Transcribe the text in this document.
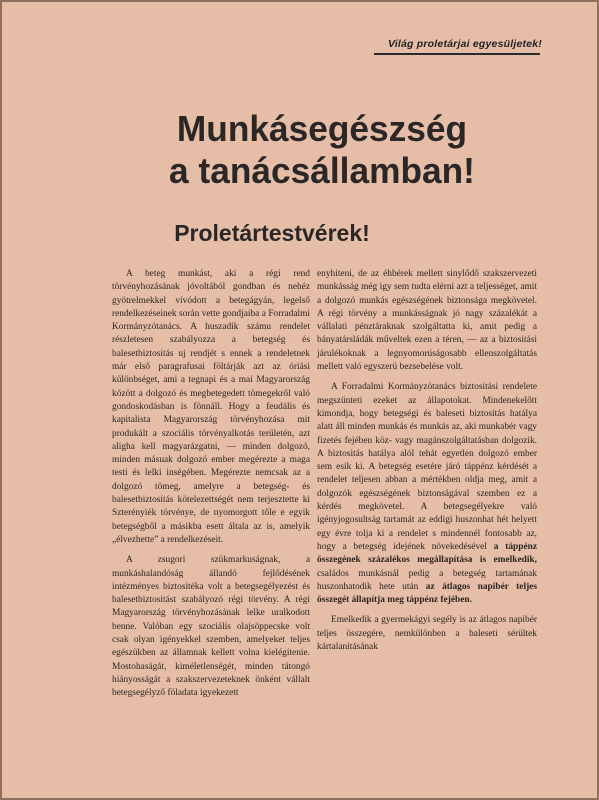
Világ proletárjai egyesüljetek!
Munkásegészség
a tanácsállamban!
Proletártestvérek!

A beteg munkást, aki a régi rend törvényhozásának jóvoltából gondban és nehéz gyötrelmekkel vívódott a betegágyán, legelső rendelkezéseinek során vette gondjaiba a Forradalmi Kormányzótanács. A huszadik számu rendelet részletesen szabályozza a betegség és balesetbiztosítás uj rendjét s ennek a rendeletnek már első paragrafusai föltárják azt az óriási különbséget, ami a tegnapi és a mai Magyarország között a dolgozó és megbetegedett tömegekről való gondoskodásban is fönnáll. Hogy a feudális és kapitalista Magyarország törvényhozása mit produkált a szociális törvényalkotás területén, azt aligha kell magyarázgatni, — minden dolgozó, minden másuak dolgozó ember megérezte a maga testi és lelki inségében. Megérezte nemcsak az a dolgozó tömeg, amelyre a betegség- és balesetbiztosítás kötelezettségét nem terjesztette ki Szterényiék törvénye, de nyomorgott tőle e egyik betegségből a másikba esett általa az is, amelyik „élvezhette” a rendelkezéseit.

A zsugori szükmarkuságnak, a munkáshalandóság állandó fejlődésének intézményes biztositéka volt a betegsegélyezést és balesetbiztositást szabályozó régi törvény. A régi Magyarország törvényhozásának lelke uralkodott benne. Valóban egy szociális olajsöppecske volt csak olyan igényekkel szemben, amelyeket teljes egészükben az államnak kellett volna kielégítenie. Mostohaságát, kiméletlenségét, minden tátongó hiányosságát a szakszervezeteknek önként vállalt betegsegélyző föladata igyekezett

enyhiteni, de az éhbérek mellett sinylődő szakszervezeti munkásság még igy sem tudta elérni azt a teljességet, amit a dolgozó munkás egészségének biztonsága megkövetel. A régi törvény a munkásságnak jó nagy százalékát a vállalati pénztáraknak szolgáltatta ki, amit pedig a bányatársládák műveltek ezen a téren, — az a biztositási járulékoknak a legnyomorúságosabb ellenszolgáltatás mellett való egyszerü bezsebelése volt.

A Forradalmi Kormányzótanács biztositási rendelete megszünteti ezeket az állapotokat. Mindenekelőtt kimondja, hogy betegségi és baleseti biztositás hatálya alatt áll minden munkás és munkás az, aki munkabér vagy fizetés fejében köz- vagy magánszolgáltatásban dolgozik. A biztositás hatálya alól tehát egyetlen dolgozó ember sem esik ki. A betegség esetére járó táppénz kérdését a rendelet teljesen abban a mértékben oldja meg, amit a dolgozók egészségének biztonságával szemben ez a kérdés megkövetel. A betegsegélyekre való igényjogosultság tartamát az eddigi huszonhat hét helyett egy évre tolja ki a rendelet s mindennél fontosabb az, hogy a betegség idejének növekedésével a táppénz összegének százalékos megállapítása is emelkedik, családos munkásnál pedig a betegség tartamának huszonhatodik hete után az átlagos napibér teljes összegét állapítja meg táppénz fejében.

Emelkedik a gyermekágyi segély is az átlagos napibér teljes összegére, nemkülönben a baleseti sérültek kártalanitásának
